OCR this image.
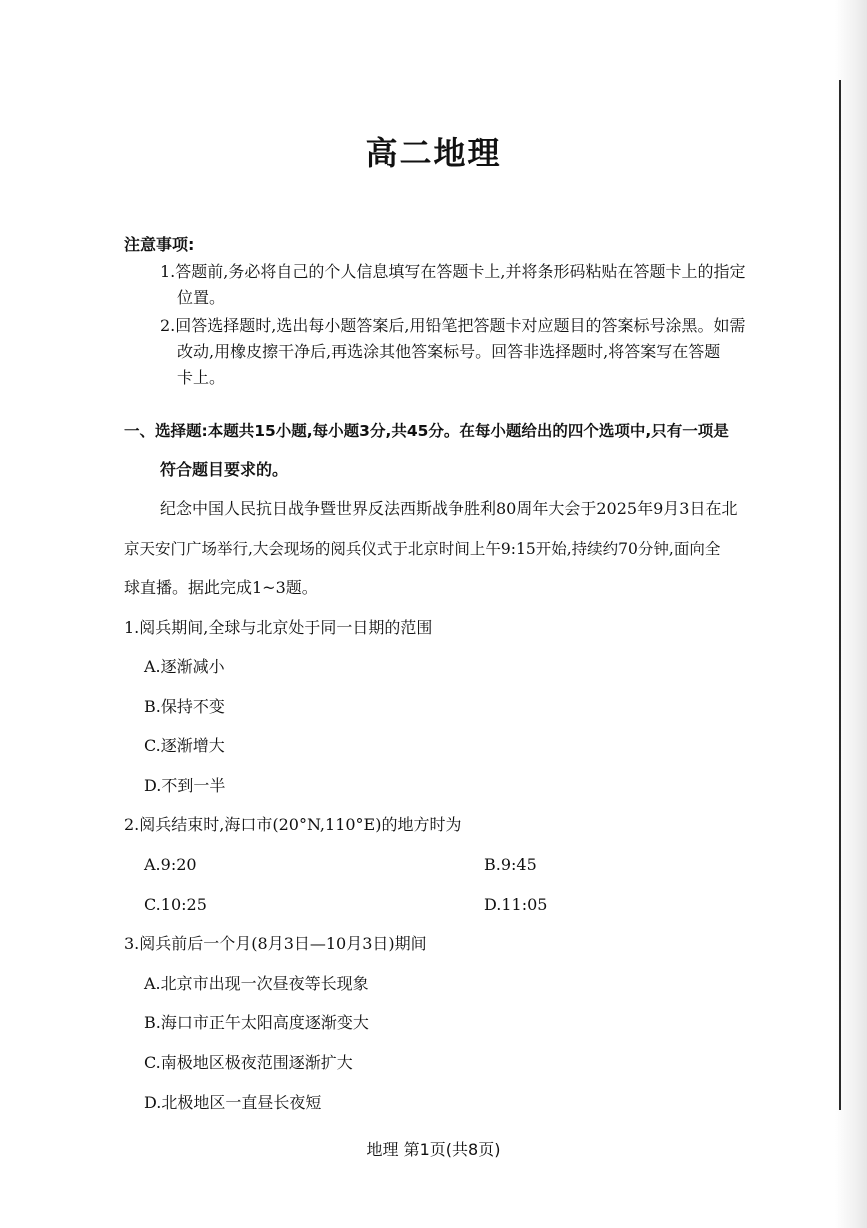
高二地理
注意事项:
1.答题前,务必将自己的个人信息填写在答题卡上,并将条形码粘贴在答题卡上的指定
位置。
2.回答选择题时,选出每小题答案后,用铅笔把答题卡对应题目的答案标号涂黑。如需
改动,用橡皮擦干净后,再选涂其他答案标号。回答非选择题时,将答案写在答题
卡上。
一、选择题:本题共15小题,每小题3分,共45分。在每小题给出的四个选项中,只有一项是
符合题目要求的。
纪念中国人民抗日战争暨世界反法西斯战争胜利80周年大会于2025年9月3日在北
京天安门广场举行,大会现场的阅兵仪式于北京时间上午9:15开始,持续约70分钟,面向全
球直播。据此完成1~3题。
1.阅兵期间,全球与北京处于同一日期的范围
A.逐渐减小
B.保持不变
C.逐渐增大
D.不到一半
2.阅兵结束时,海口市(20°N,110°E)的地方时为
A.9:20	B.9:45
C.10:25	D.11:05
3.阅兵前后一个月(8月3日—10月3日)期间
A.北京市出现一次昼夜等长现象
B.海口市正午太阳高度逐渐变大
C.南极地区极夜范围逐渐扩大
D.北极地区一直昼长夜短
地理 第1页(共8页)
